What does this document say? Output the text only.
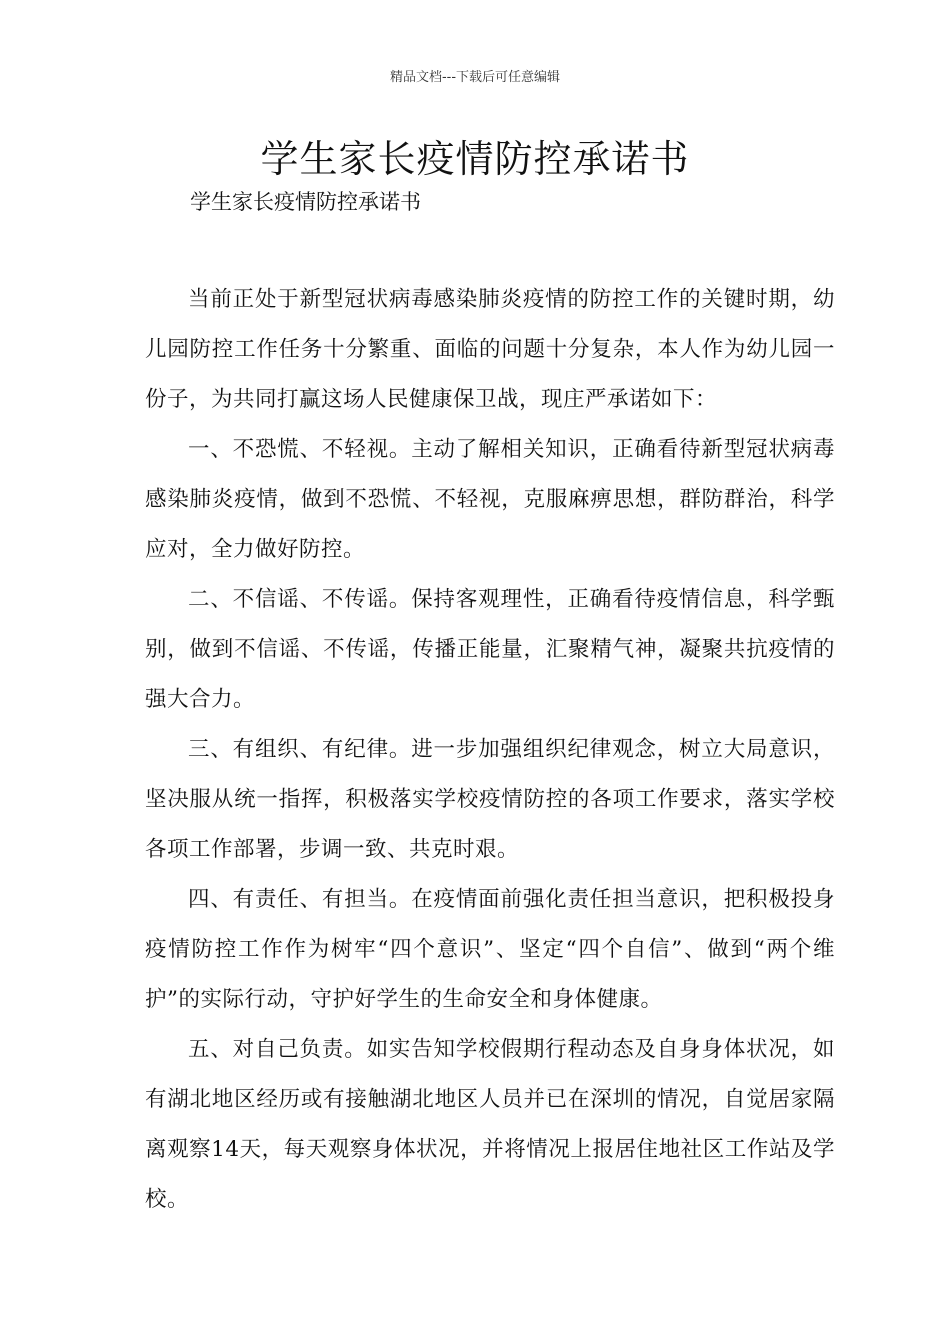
精品文档---下载后可任意编辑
学生家长疫情防控承诺书
学生家长疫情防控承诺书

当前正处于新型冠状病毒感染肺炎疫情的防控工作的关键时期，幼儿园防控工作任务十分繁重、面临的问题十分复杂，本人作为幼儿园一份子，为共同打赢这场人民健康保卫战，现庄严承诺如下：

一、不恐慌、不轻视。主动了解相关知识，正确看待新型冠状病毒感染肺炎疫情，做到不恐慌、不轻视，克服麻痹思想，群防群治，科学应对，全力做好防控。

二、不信谣、不传谣。保持客观理性，正确看待疫情信息，科学甄别，做到不信谣、不传谣，传播正能量，汇聚精气神，凝聚共抗疫情的强大合力。

三、有组织、有纪律。进一步加强组织纪律观念，树立大局意识，坚决服从统一指挥，积极落实学校疫情防控的各项工作要求，落实学校各项工作部署，步调一致、共克时艰。

四、有责任、有担当。在疫情面前强化责任担当意识，把积极投身疫情防控工作作为树牢“四个意识”、坚定“四个自信”、做到“两个维护”的实际行动，守护好学生的生命安全和身体健康。

五、对自己负责。如实告知学校假期行程动态及自身身体状况，如有湖北地区经历或有接触湖北地区人员并已在深圳的情况，自觉居家隔离观察14天，每天观察身体状况，并将情况上报居住地社区工作站及学校。
